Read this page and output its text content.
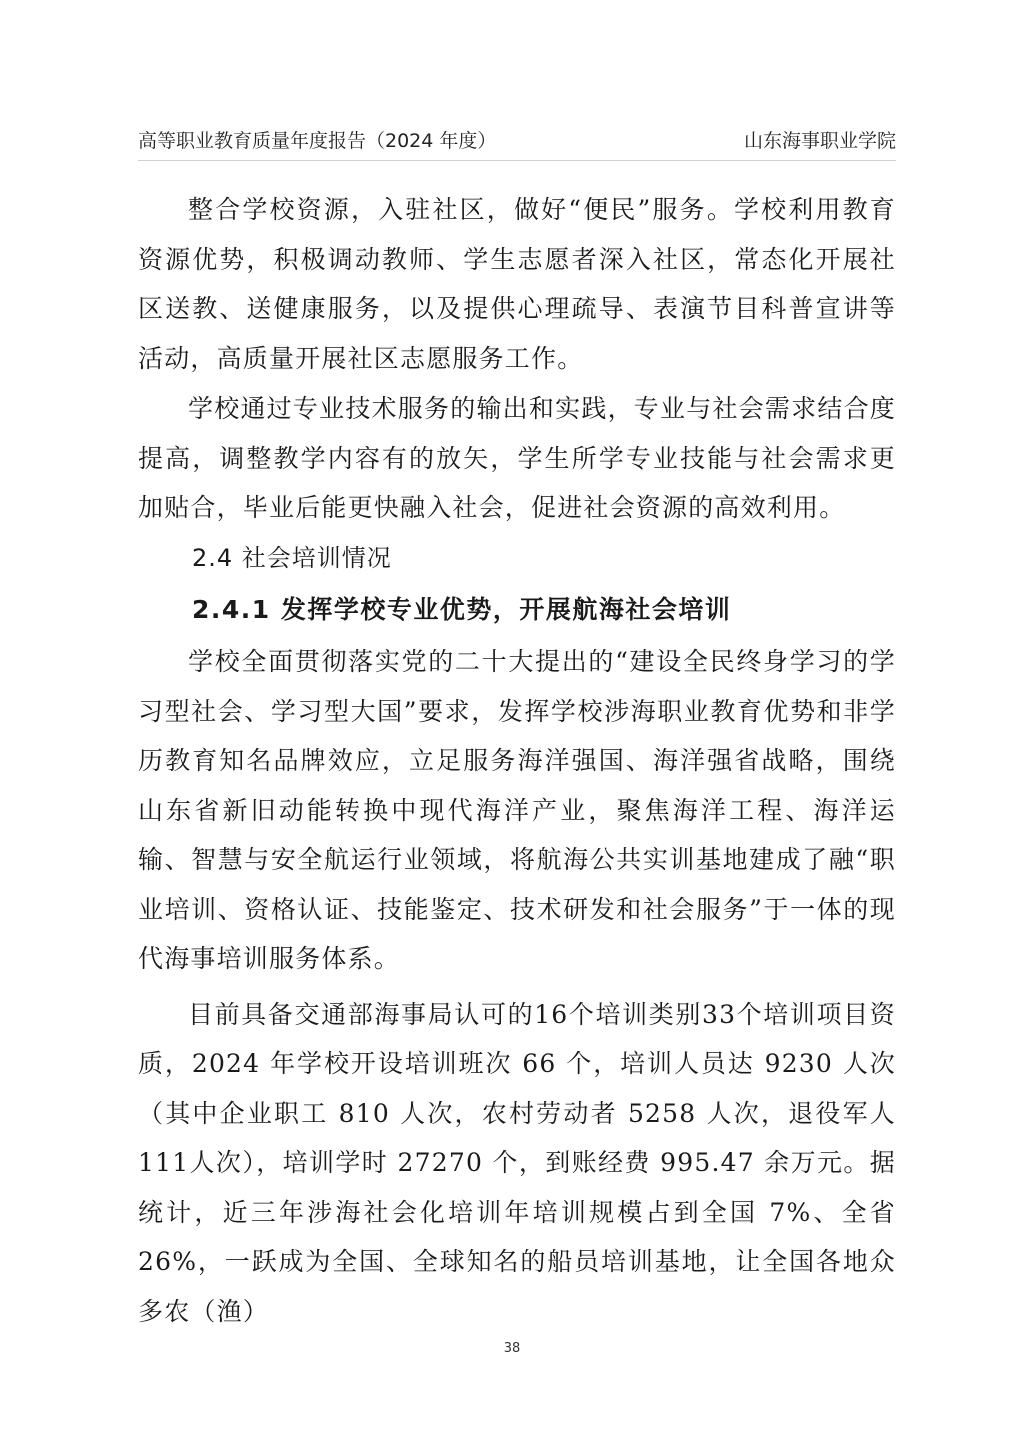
高等职业教育质量年度报告（2024 年度）	山东海事职业学院

整合学校资源，入驻社区，做好“便民”服务。学校利用教育资源优势，积极调动教师、学生志愿者深入社区，常态化开展社区送教、送健康服务，以及提供心理疏导、表演节目科普宣讲等活动，高质量开展社区志愿服务工作。

学校通过专业技术服务的输出和实践，专业与社会需求结合度提高，调整教学内容有的放矢，学生所学专业技能与社会需求更加贴合，毕业后能更快融入社会，促进社会资源的高效利用。

2.4 社会培训情况

2.4.1 发挥学校专业优势，开展航海社会培训

学校全面贯彻落实党的二十大提出的“建设全民终身学习的学习型社会、学习型大国”要求，发挥学校涉海职业教育优势和非学历教育知名品牌效应，立足服务海洋强国、海洋强省战略，围绕山东省新旧动能转换中现代海洋产业，聚焦海洋工程、海洋运输、智慧与安全航运行业领域，将航海公共实训基地建成了融“职业培训、资格认证、技能鉴定、技术研发和社会服务”于一体的现代海事培训服务体系。

目前具备交通部海事局认可的16个培训类别33个培训项目资质，2024 年学校开设培训班次 66 个，培训人员达 9230 人次（其中企业职工 810 人次，农村劳动者 5258 人次，退役军人 111人次），培训学时 27270 个，到账经费 995.47 余万元。据统计，近三年涉海社会化培训年培训规模占到全国 7%、全省 26%，一跃成为全国、全球知名的船员培训基地，让全国各地众多农（渔）

38
